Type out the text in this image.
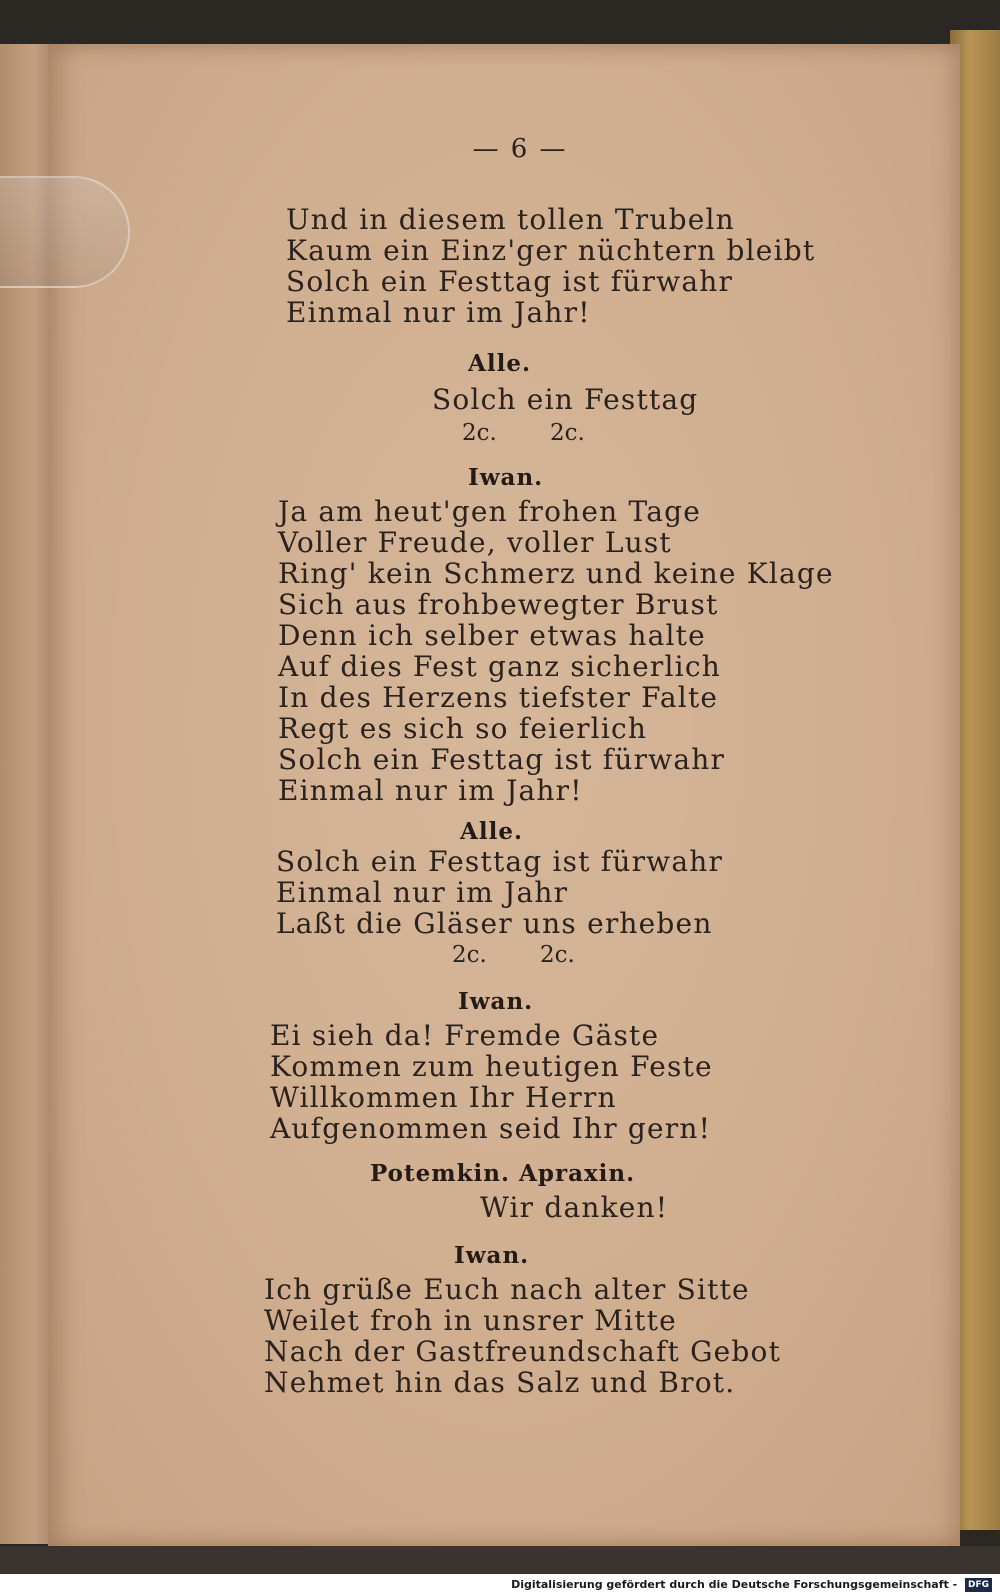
— 6 —
Und in diesem tollen Trubeln
Kaum ein Einz'ger nüchtern bleibt
Solch ein Festtag ist fürwahr
Einmal nur im Jahr!
Alle.
Solch ein Festtag
2c. 2c.
Iwan.
Ja am heut'gen frohen Tage
Voller Freude, voller Lust
Ring' kein Schmerz und keine Klage
Sich aus frohbewegter Brust
Denn ich selber etwas halte
Auf dies Fest ganz sicherlich
In des Herzens tiefster Falte
Regt es sich so feierlich
Solch ein Festtag ist fürwahr
Einmal nur im Jahr!
Alle.
Solch ein Festtag ist fürwahr
Einmal nur im Jahr
Laßt die Gläser uns erheben
2c. 2c.
Iwan.
Ei sieh da! Fremde Gäste
Kommen zum heutigen Feste
Willkommen Ihr Herrn
Aufgenommen seid Ihr gern!
Potemkin. Apraxin.
Wir danken!
Iwan.
Ich grüße Euch nach alter Sitte
Weilet froh in unsrer Mitte
Nach der Gastfreundschaft Gebot
Nehmet hin das Salz und Brot.
Digitalisierung gefördert durch die Deutsche Forschungsgemeinschaft - DFG
